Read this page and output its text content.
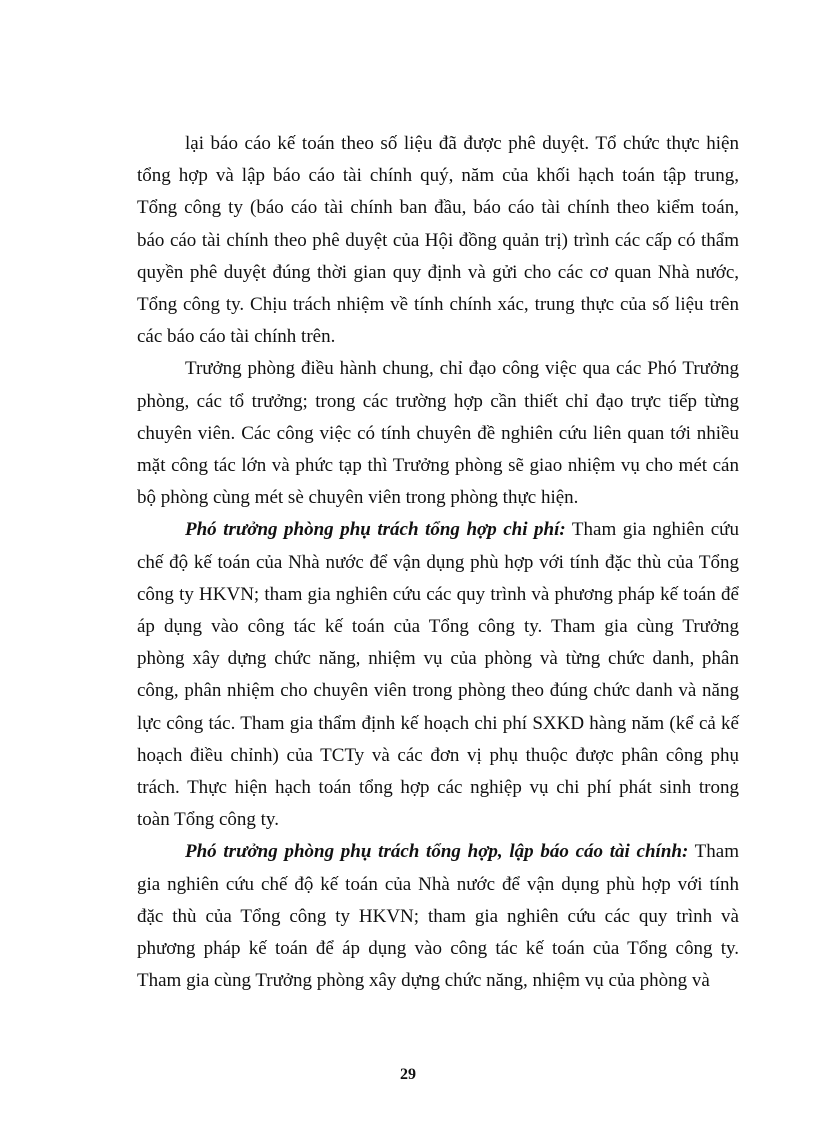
lại báo cáo kế toán theo số liệu đã được phê duyệt. Tổ chức thực hiện
tổng hợp và lập báo cáo tài chính quý, năm của khối hạch toán tập trung,
Tổng công ty (báo cáo tài chính ban đầu, báo cáo tài chính theo kiểm toán,
báo cáo tài chính theo phê duyệt của Hội đồng quản trị) trình các cấp có thẩm
quyền phê duyệt đúng thời gian quy định và gửi cho các cơ quan Nhà nước,
Tổng công ty. Chịu trách nhiệm về tính chính xác, trung thực của số liệu trên
các báo cáo tài chính trên.
Trưởng phòng điều hành chung, chỉ đạo công việc qua các Phó Trưởng
phòng, các tổ trưởng; trong các trường hợp cần thiết chỉ đạo trực tiếp từng
chuyên viên. Các công việc có tính chuyên đề nghiên cứu liên quan tới nhiều
mặt công tác lớn và phức tạp thì Trưởng phòng sẽ giao nhiệm vụ cho mét cán
bộ phòng cùng mét sè chuyên viên trong phòng thực hiện.
Phó trưởng phòng phụ trách tổng hợp chi phí: Tham gia nghiên cứu
chế độ kế toán của Nhà nước để vận dụng phù hợp với tính đặc thù của Tổng
công ty HKVN; tham gia nghiên cứu các quy trình và phương pháp kế toán để
áp dụng vào công tác kế toán của Tổng công ty. Tham gia cùng Trưởng
phòng xây dựng chức năng, nhiệm vụ của phòng và từng chức danh, phân
công, phân nhiệm cho chuyên viên trong phòng theo đúng chức danh và năng
lực công tác. Tham gia thẩm định kế hoạch chi phí SXKD hàng năm (kể cả kế
hoạch điều chỉnh) của TCTy và các đơn vị phụ thuộc được phân công phụ
trách. Thực hiện hạch toán tổng hợp các nghiệp vụ chi phí phát sinh trong
toàn Tổng công ty.
Phó trưởng phòng phụ trách tổng hợp, lập báo cáo tài chính: Tham
gia nghiên cứu chế độ kế toán của Nhà nước để vận dụng phù hợp với tính
đặc thù của Tổng công ty HKVN; tham gia nghiên cứu các quy trình và
phương pháp kế toán để áp dụng vào công tác kế toán của Tổng công ty.
Tham gia cùng Trưởng phòng xây dựng chức năng, nhiệm vụ của phòng và
29
